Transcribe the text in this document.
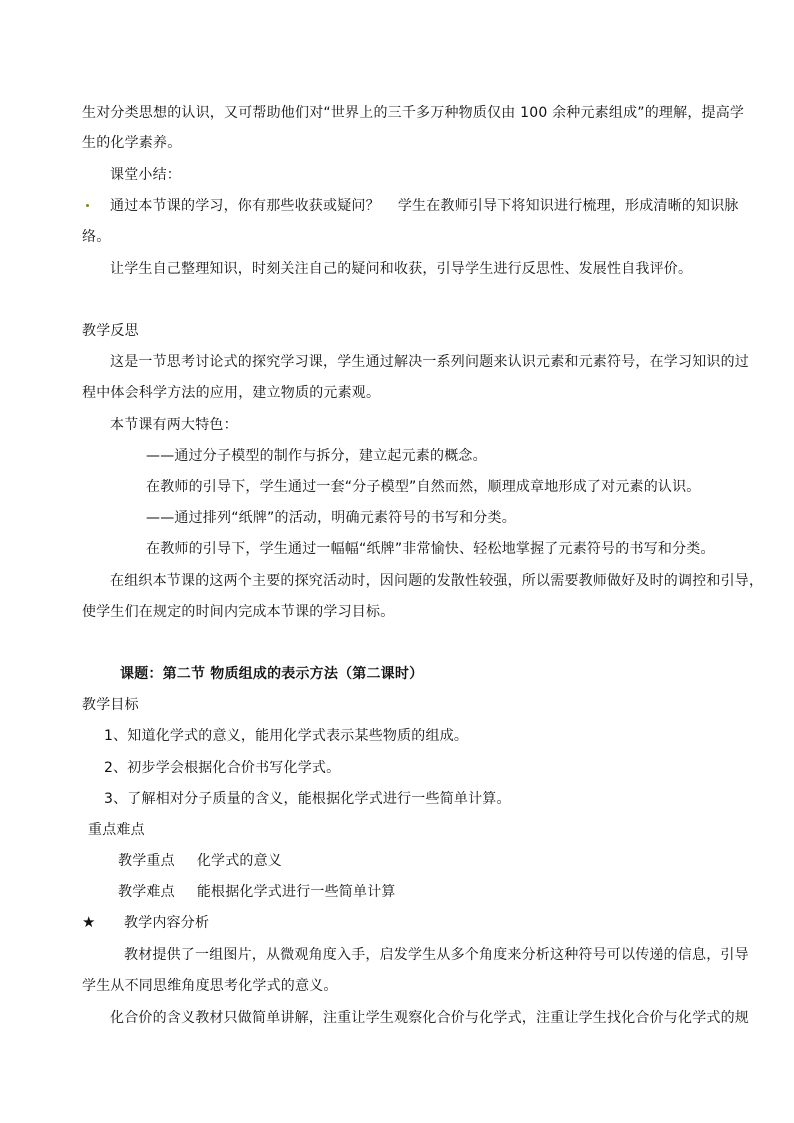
生对分类思想的认识，又可帮助他们对“世界上的三千多万种物质仅由 100 余种元素组成”的理解，提高学
生的化学素养。
课堂小结：
通过本节课的学习，你有那些收获或疑问？ 学生在教师引导下将知识进行梳理，形成清晰的知识脉
络。
让学生自己整理知识，时刻关注自己的疑问和收获，引导学生进行反思性、发展性自我评价。
教学反思
这是一节思考讨论式的探究学习课，学生通过解决一系列问题来认识元素和元素符号，在学习知识的过
程中体会科学方法的应用，建立物质的元素观。
本节课有两大特色：
——通过分子模型的制作与拆分，建立起元素的概念。
在教师的引导下，学生通过一套“分子模型”自然而然，顺理成章地形成了对元素的认识。
——通过排列“纸牌”的活动，明确元素符号的书写和分类。
在教师的引导下，学生通过一幅幅“纸牌”非常愉快、轻松地掌握了元素符号的书写和分类。
在组织本节课的这两个主要的探究活动时，因问题的发散性较强，所以需要教师做好及时的调控和引导，
使学生们在规定的时间内完成本节课的学习目标。
课题：第二节 物质组成的表示方法（第二课时）
教学目标
1、知道化学式的意义，能用化学式表示某些物质的组成。
2、初步学会根据化合价书写化学式。
3、了解相对分子质量的含义，能根据化学式进行一些简单计算。
重点难点
教学重点 化学式的意义
教学难点 能根据化学式进行一些简单计算
★ 教学内容分析
教材提供了一组图片，从微观角度入手，启发学生从多个角度来分析这种符号可以传递的信息，引导
学生从不同思维角度思考化学式的意义。
化合价的含义教材只做简单讲解，注重让学生观察化合价与化学式，注重让学生找化合价与化学式的规
